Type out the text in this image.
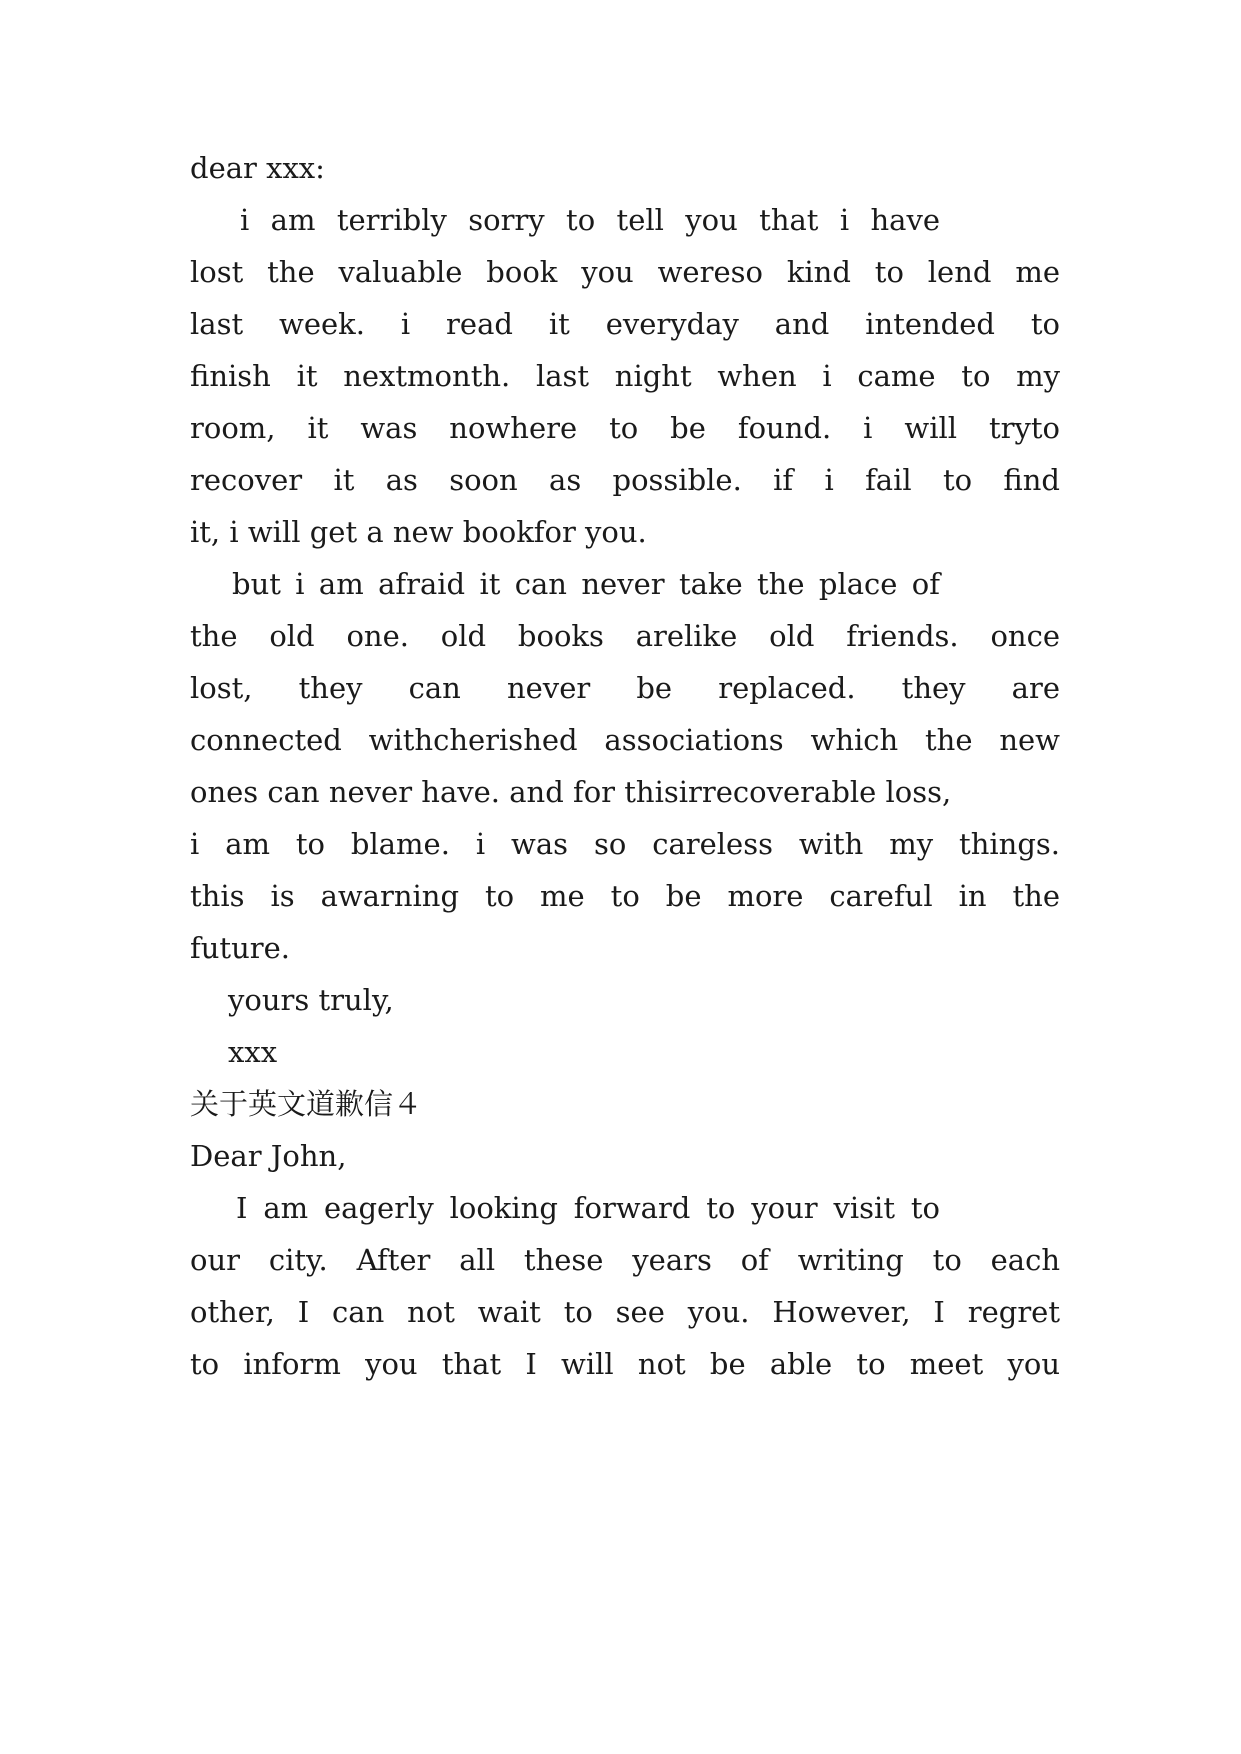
dear xxx:
i am terribly sorry to tell you that i have
lost the valuable book you wereso kind to lend me
last week. i read it everyday and intended to
finish it nextmonth. last night when i came to my
room, it was nowhere to be found. i will tryto
recover it as soon as possible. if i fail to find
it, i will get a new bookfor you.
but i am afraid it can never take the place of
the old one. old books arelike old friends. once
lost, they can never be replaced. they are
connected withcherished associations which the new
ones can never have. and for thisirrecoverable loss,
i am to blame. i was so careless with my things.
this is awarning to me to be more careful in the
future.
yours truly,
xxx
关于英文道歉信４
Dear John,
I am eagerly looking forward to your visit to
our city. After all these years of writing to each
other, I can not wait to see you. However, I regret
to inform you that I will not be able to meet you
